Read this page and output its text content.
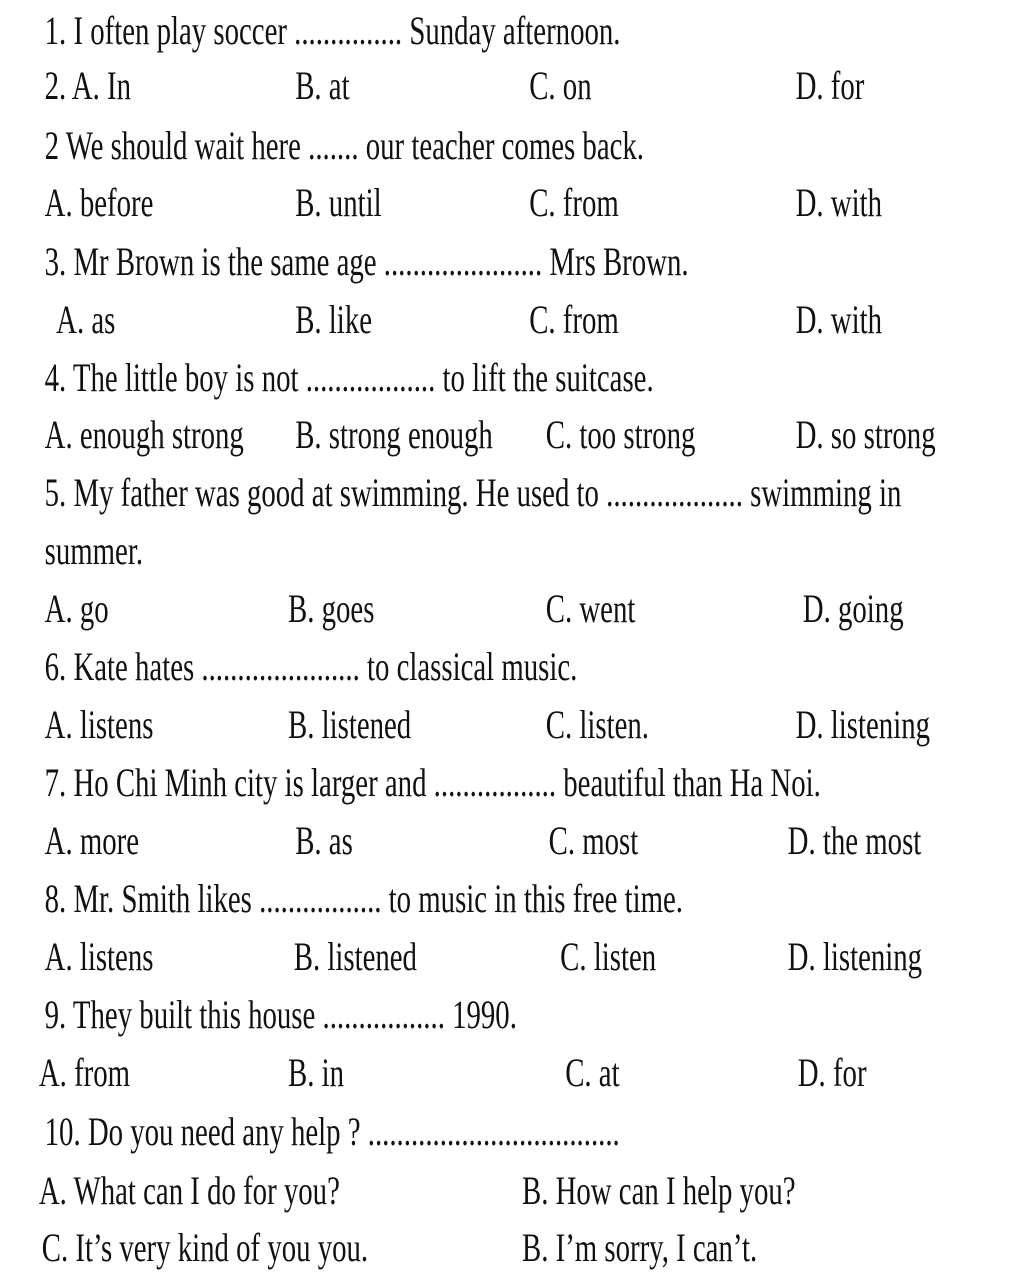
1. I often play soccer ............... Sunday afternoon.
2. A. In	B. at	C. on	D. for
2 We should wait here ....... our teacher comes back.
A. before	B. until	C. from	D. with
3. Mr Brown is the same age ...................... Mrs Brown.
A. as	B. like	C. from	D. with
4. The little boy is not .................. to lift the suitcase.
A. enough strong B. strong enough C. too strong	D. so strong
5. My father was good at swimming. He used to ................... swimming in
summer.
A. go	B. goes	C. went	D. going
6. Kate hates ...................... to classical music.
A. listens	B. listened	C. listen.	D. listening
7. Ho Chi Minh city is larger and ................. beautiful than Ha Noi.
A. more	B. as	C. most	D. the most
8. Mr. Smith likes ................. to music in this free time.
A. listens	B. listened	C. listen	D. listening
9. They built this house ................. 1990.
A. from	B. in	C. at	D. for
10. Do you need any help ? ...................................
A. What can I do for you?	B. How can I help you?
C. It’s very kind of you you.	B. I’m sorry, I can’t.
